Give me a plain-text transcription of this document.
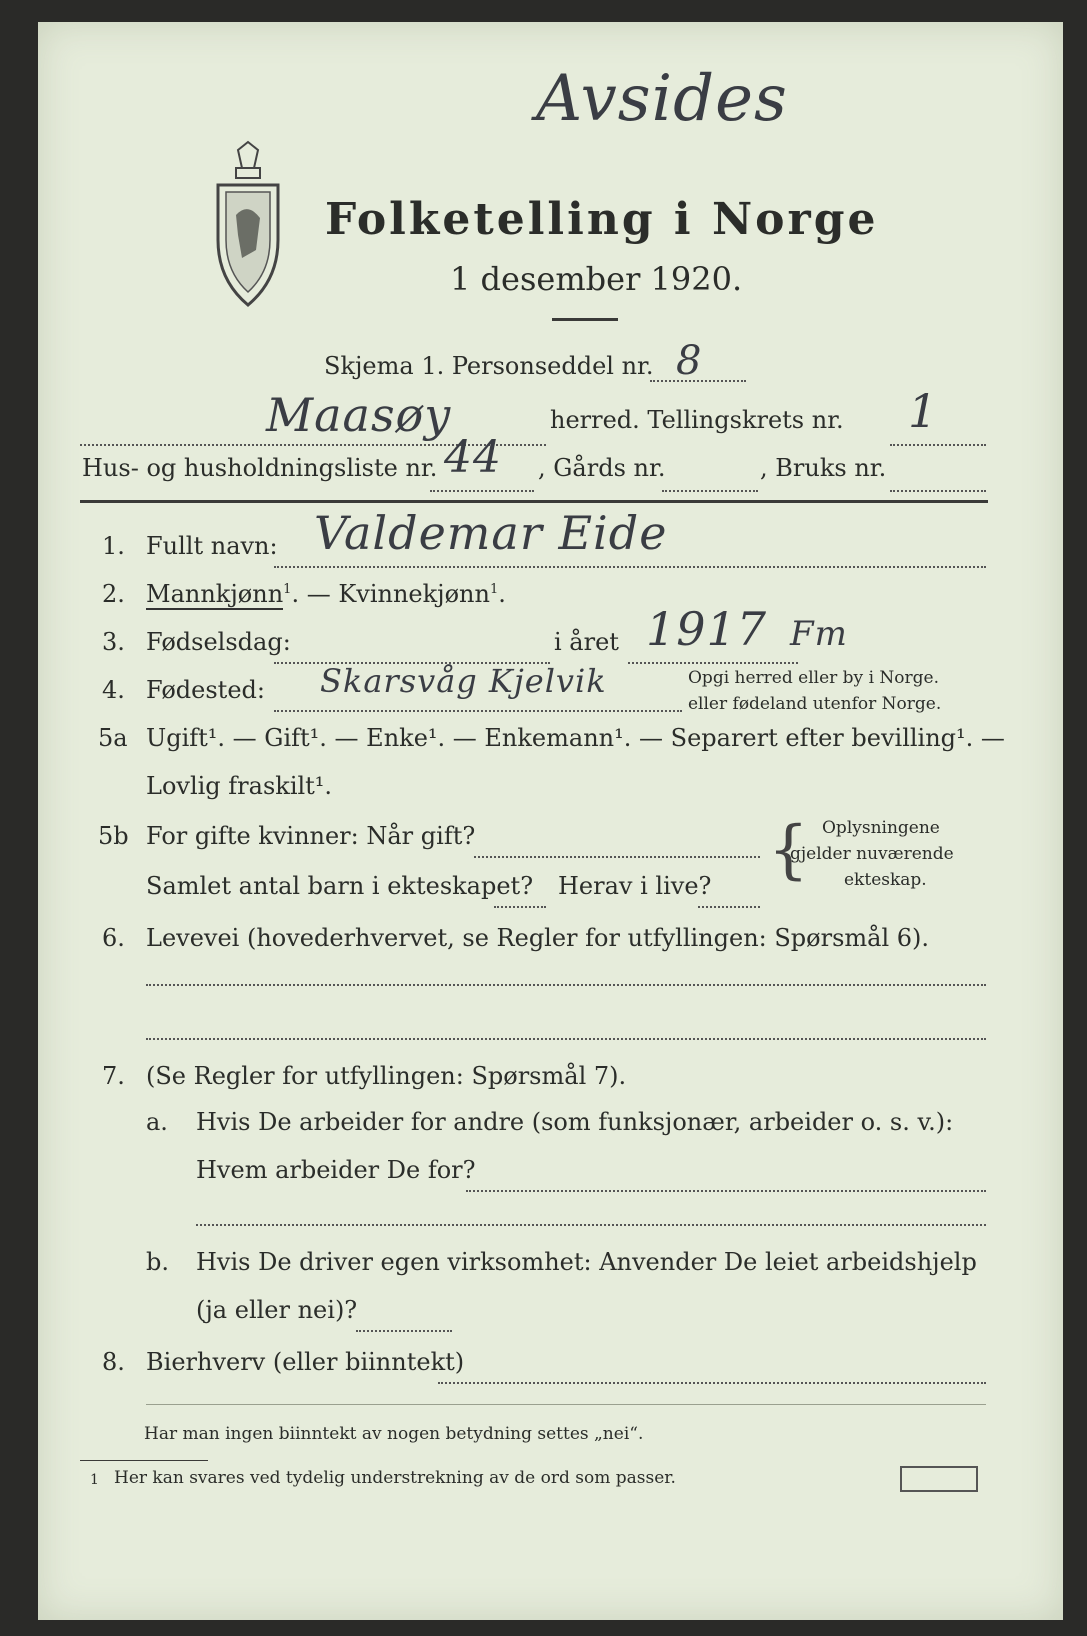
Avsides
Folketelling i Norge
1 desember 1920.
Skjema 1. Personseddel nr. 8
Maasøy	herred. Tellingskrets nr. 1
Hus- og husholdningsliste nr. 44 , Gårds nr.	, Bruks nr.
1. Fullt navn: Valdemar Eide
2. Mannkjønn$^1$. — Kvinnekjønn$^1$.
3. Fødselsdag:	i året 1917 Fm
4. Fødested: Skarsvåg Kjelvik	Opgi herred eller by i Norge.
eller fødeland utenfor Norge.
5a Ugift¹. — Gift¹. — Enke¹. — Enkemann¹. — Separert efter bevilling¹. —
Lovlig fraskilt¹.
5b For gifte kvinner: Når gift?
Samlet antal barn i ekteskapet? Herav i live? { Oplysningene
gjelder nuværende
ekteskap.
6. Levevei (hovederhvervet, se Regler for utfyllingen: Spørsmål 6).
7. (Se Regler for utfyllingen: Spørsmål 7).
a. Hvis De arbeider for andre (som funksjonær, arbeider o. s. v.):
Hvem arbeider De for?
b. Hvis De driver egen virksomhet: Anvender De leiet arbeidshjelp
(ja eller nei)?
8. Bierhverv (eller biinntekt)
Har man ingen biinntekt av nogen betydning settes „nei“.
1 Her kan svares ved tydelig understrekning av de ord som passer.
